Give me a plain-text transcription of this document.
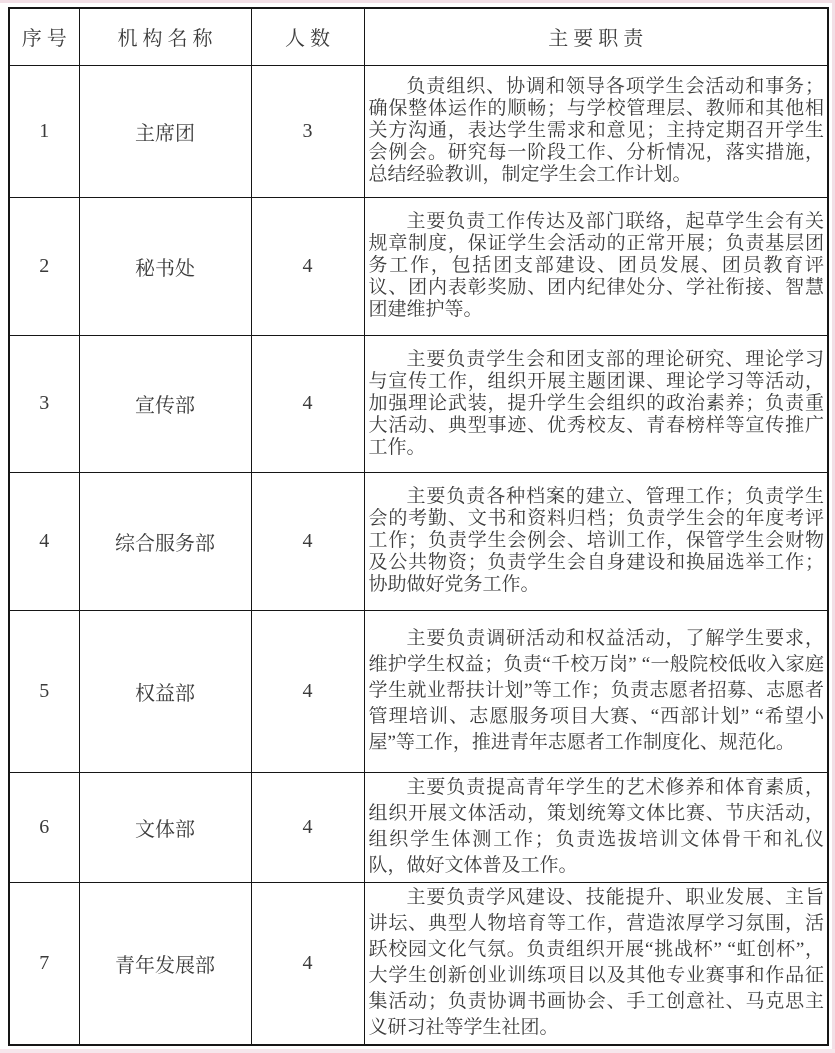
序 号	机 构 名 称	人 数	主 要 职 责
1	主席团	3	负责组织、协调和领导各项学生会活动和事务；确保整体运作的顺畅；与学校管理层、教师和其他相关方沟通，表达学生需求和意见；主持定期召开学生会例会。研究每一阶段工作、分析情况，落实措施，总结经验教训，制定学生会工作计划。
2	秘书处	4	主要负责工作传达及部门联络，起草学生会有关规章制度，保证学生会活动的正常开展；负责基层团务工作，包括团支部建设、团员发展、团员教育评议、团内表彰奖励、团内纪律处分、学社衔接、智慧团建维护等。
3	宣传部	4	主要负责学生会和团支部的理论研究、理论学习与宣传工作，组织开展主题团课、理论学习等活动，加强理论武装，提升学生会组织的政治素养；负责重大活动、典型事迹、优秀校友、青春榜样等宣传推广工作。
4	综合服务部	4	主要负责各种档案的建立、管理工作；负责学生会的考勤、文书和资料归档；负责学生会的年度考评工作；负责学生会例会、培训工作，保管学生会财物及公共物资；负责学生会自身建设和换届选举工作；协助做好党务工作。
5	权益部	4	主要负责调研活动和权益活动，了解学生要求，维护学生权益；负责“千校万岗” “一般院校低收入家庭学生就业帮扶计划”等工作；负责志愿者招募、志愿者管理培训、志愿服务项目大赛、“西部计划” “希望小屋”等工作，推进青年志愿者工作制度化、规范化。
6	文体部	4	主要负责提高青年学生的艺术修养和体育素质，组织开展文体活动，策划统筹文体比赛、节庆活动，组织学生体测工作；负责选拔培训文体骨干和礼仪队，做好文体普及工作。
7	青年发展部	4	主要负责学风建设、技能提升、职业发展、主旨讲坛、典型人物培育等工作，营造浓厚学习氛围，活跃校园文化气氛。负责组织开展“挑战杯” “虹创杯”，大学生创新创业训练项目以及其他专业赛事和作品征集活动；负责协调书画协会、手工创意社、马克思主义研习社等学生社团。
